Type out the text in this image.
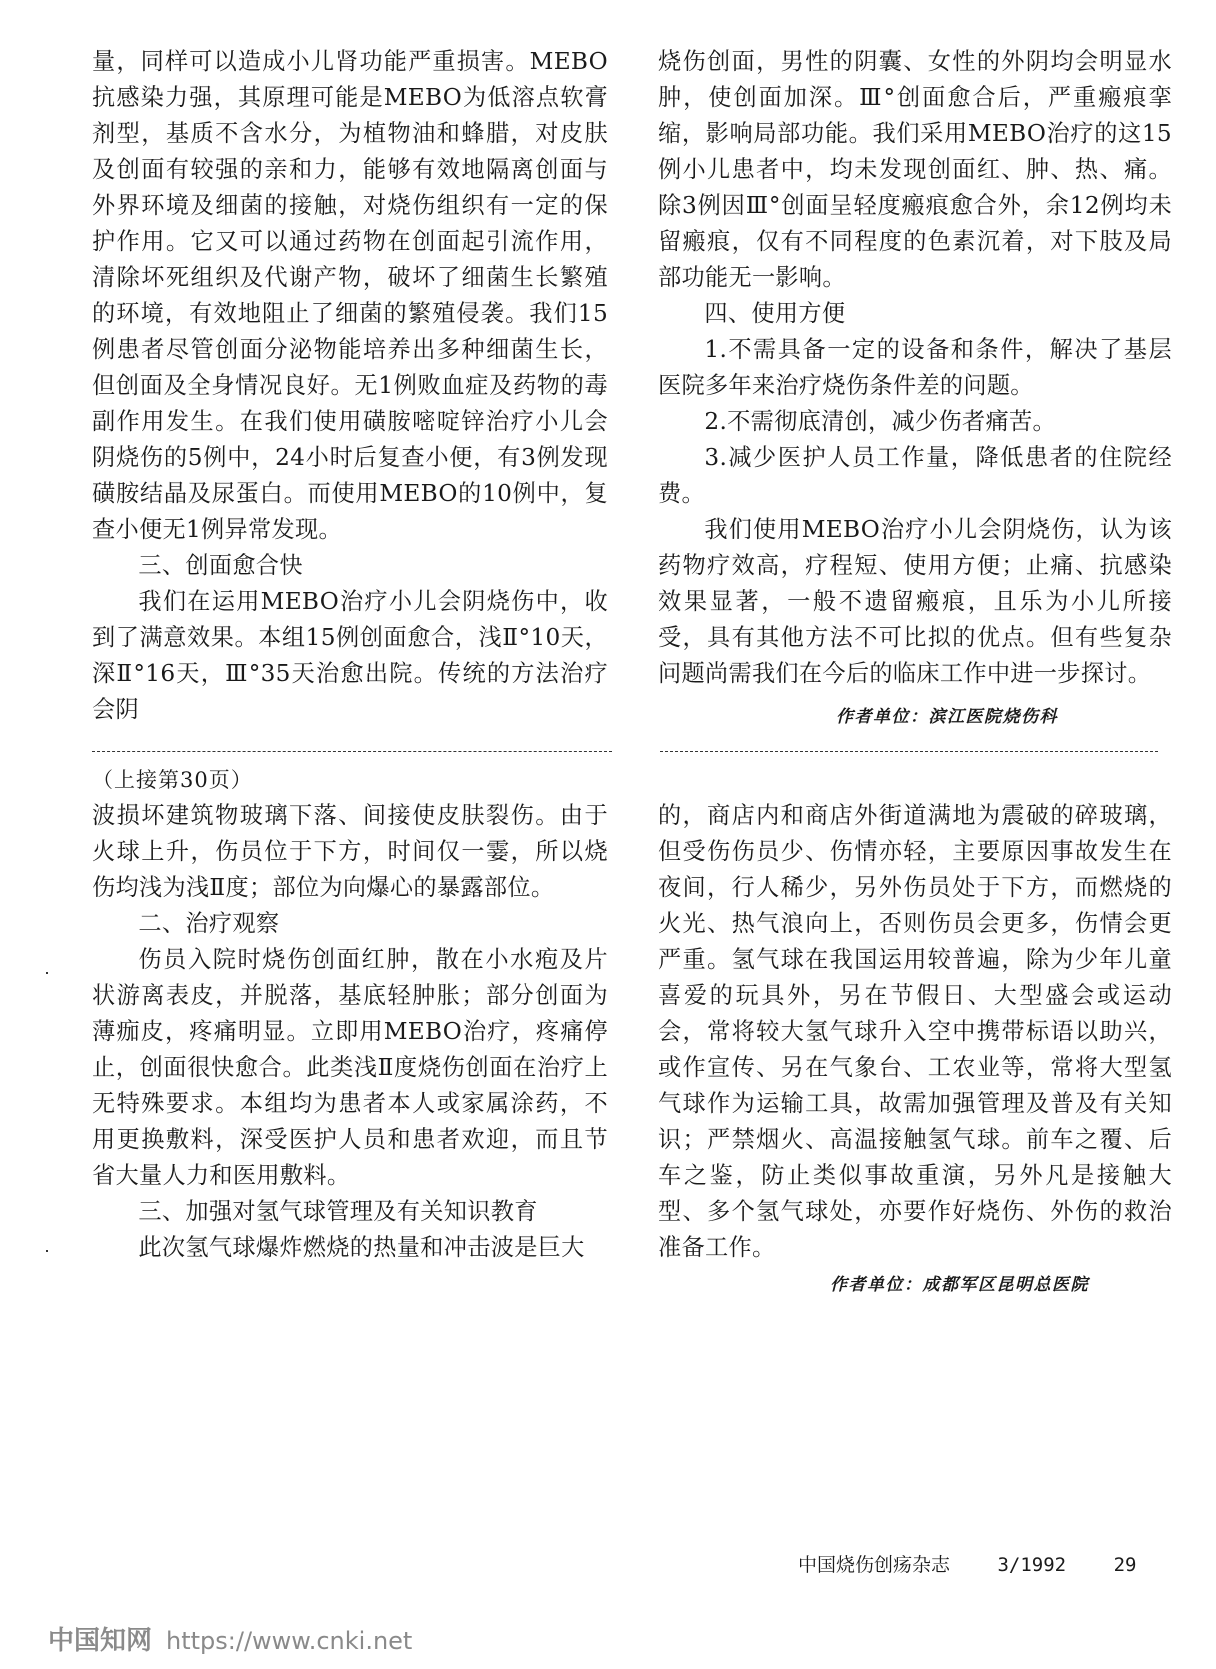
量，同样可以造成小儿肾功能严重损害。MEBO抗感染力强，其原理可能是MEBO为低溶点软膏剂型，基质不含水分，为植物油和蜂腊，对皮肤及创面有较强的亲和力，能够有效地隔离创面与外界环境及细菌的接触，对烧伤组织有一定的保护作用。它又可以通过药物在创面起引流作用，清除坏死组织及代谢产物，破坏了细菌生长繁殖的环境，有效地阻止了细菌的繁殖侵袭。我们15例患者尽管创面分泌物能培养出多种细菌生长，但创面及全身情况良好。无1例败血症及药物的毒副作用发生。在我们使用磺胺嘧啶锌治疗小儿会阴烧伤的5例中，24小时后复查小便，有3例发现磺胺结晶及尿蛋白。而使用MEBO的10例中，复查小便无1例异常发现。

三、创面愈合快

我们在运用MEBO治疗小儿会阴烧伤中，收到了满意效果。本组15例创面愈合，浅Ⅱ°10天，深Ⅱ°16天，Ⅲ°35天治愈出院。传统的方法治疗会阴

烧伤创面，男性的阴囊、女性的外阴均会明显水肿，使创面加深。Ⅲ°创面愈合后，严重瘢痕挛缩，影响局部功能。我们采用MEBO治疗的这15例小儿患者中，均未发现创面红、肿、热、痛。除3例因Ⅲ°创面呈轻度瘢痕愈合外，余12例均未留瘢痕，仅有不同程度的色素沉着，对下肢及局部功能无一影响。

四、使用方便

1.不需具备一定的设备和条件，解决了基层医院多年来治疗烧伤条件差的问题。

2.不需彻底清创，减少伤者痛苦。

3.减少医护人员工作量，降低患者的住院经费。

我们使用MEBO治疗小儿会阴烧伤，认为该药物疗效高，疗程短、使用方便；止痛、抗感染效果显著，一般不遗留瘢痕，且乐为小儿所接受，具有其他方法不可比拟的优点。但有些复杂问题尚需我们在今后的临床工作中进一步探讨。

作者单位：滨江医院烧伤科

（上接第30页）

波损坏建筑物玻璃下落、间接使皮肤裂伤。由于火球上升，伤员位于下方，时间仅一霎，所以烧伤均浅为浅Ⅱ度；部位为向爆心的暴露部位。

二、治疗观察

伤员入院时烧伤创面红肿，散在小水疱及片状游离表皮，并脱落，基底轻肿胀；部分创面为薄痂皮，疼痛明显。立即用MEBO治疗，疼痛停止，创面很快愈合。此类浅Ⅱ度烧伤创面在治疗上无特殊要求。本组均为患者本人或家属涂药，不用更换敷料，深受医护人员和患者欢迎，而且节省大量人力和医用敷料。

三、加强对氢气球管理及有关知识教育

此次氢气球爆炸燃烧的热量和冲击波是巨大

的，商店内和商店外街道满地为震破的碎玻璃，但受伤伤员少、伤情亦轻，主要原因事故发生在夜间，行人稀少，另外伤员处于下方，而燃烧的火光、热气浪向上，否则伤员会更多，伤情会更严重。氢气球在我国运用较普遍，除为少年儿童喜爱的玩具外，另在节假日、大型盛会或运动会，常将较大氢气球升入空中携带标语以助兴，或作宣传、另在气象台、工农业等，常将大型氢气球作为运输工具，故需加强管理及普及有关知识；严禁烟火、高温接触氢气球。前车之覆、后车之鉴，防止类似事故重演，另外凡是接触大型、多个氢气球处，亦要作好烧伤、外伤的救治准备工作。

作者单位：成都军区昆明总医院
中国烧伤创疡杂志 3/1992 29
中国知网 https://www.cnki.net
